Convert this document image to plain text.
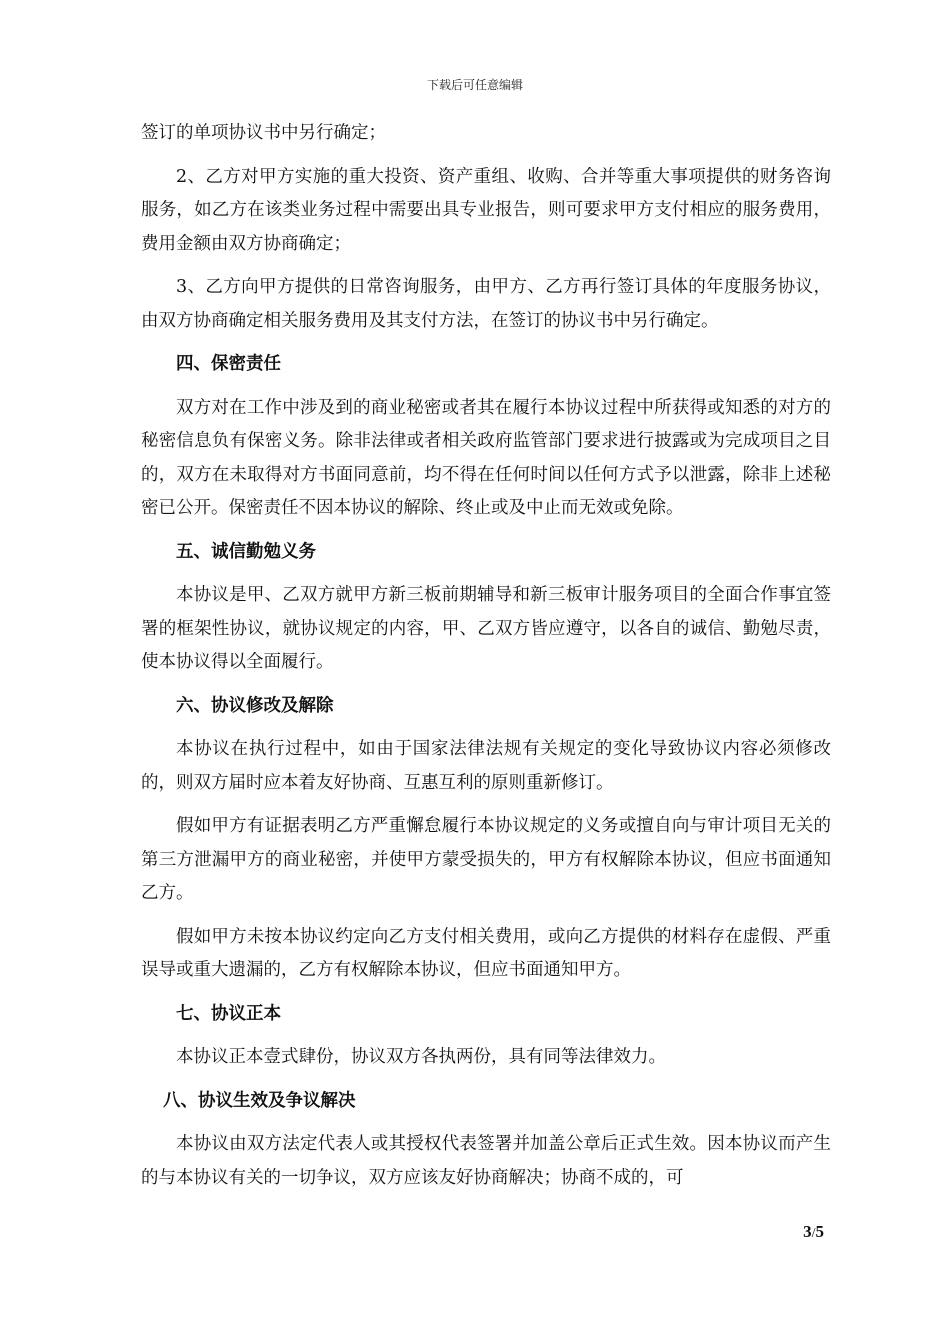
下载后可任意编辑

签订的单项协议书中另行确定；

2、乙方对甲方实施的重大投资、资产重组、收购、合并等重大事项提供的财务咨询服务，如乙方在该类业务过程中需要出具专业报告，则可要求甲方支付相应的服务费用，费用金额由双方协商确定；

3、乙方向甲方提供的日常咨询服务，由甲方、乙方再行签订具体的年度服务协议，由双方协商确定相关服务费用及其支付方法，在签订的协议书中另行确定。

四、保密责任

双方对在工作中涉及到的商业秘密或者其在履行本协议过程中所获得或知悉的对方的秘密信息负有保密义务。除非法律或者相关政府监管部门要求进行披露或为完成项目之目的，双方在未取得对方书面同意前，均不得在任何时间以任何方式予以泄露，除非上述秘密已公开。保密责任不因本协议的解除、终止或及中止而无效或免除。

五、诚信勤勉义务

本协议是甲、乙双方就甲方新三板前期辅导和新三板审计服务项目的全面合作事宜签署的框架性协议，就协议规定的内容，甲、乙双方皆应遵守，以各自的诚信、勤勉尽责，使本协议得以全面履行。

六、协议修改及解除

本协议在执行过程中，如由于国家法律法规有关规定的变化导致协议内容必须修改的，则双方届时应本着友好协商、互惠互利的原则重新修订。

假如甲方有证据表明乙方严重懈怠履行本协议规定的义务或擅自向与审计项目无关的第三方泄漏甲方的商业秘密，并使甲方蒙受损失的，甲方有权解除本协议，但应书面通知乙方。

假如甲方未按本协议约定向乙方支付相关费用，或向乙方提供的材料存在虚假、严重误导或重大遗漏的，乙方有权解除本协议，但应书面通知甲方。

七、协议正本

本协议正本壹式肆份，协议双方各执两份，具有同等法律效力。

八、协议生效及争议解决

本协议由双方法定代表人或其授权代表签署并加盖公章后正式生效。因本协议而产生的与本协议有关的一切争议，双方应该友好协商解决；协商不成的，可

3/5
